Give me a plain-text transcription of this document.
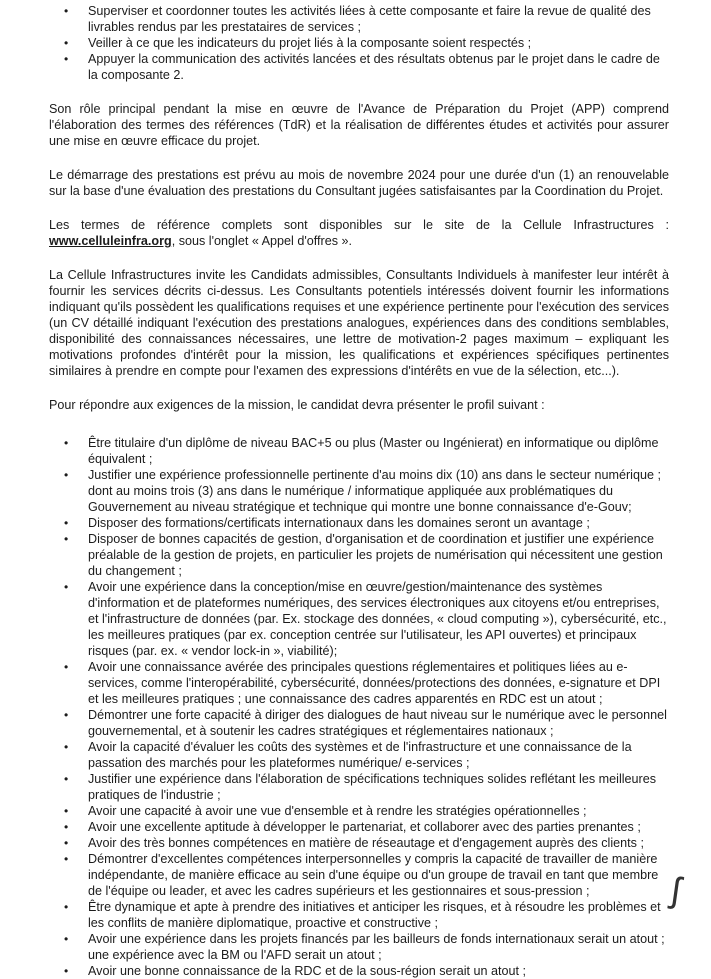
• Superviser et coordonner toutes les activités liées à cette composante et faire la revue de qualité des livrables rendus par les prestataires de services ;
• Veiller à ce que les indicateurs du projet liés à la composante soient respectés ;
• Appuyer la communication des activités lancées et des résultats obtenus par le projet dans le cadre de la composante 2.

Son rôle principal pendant la mise en œuvre de l'Avance de Préparation du Projet (APP) comprend l'élaboration des termes des références (TdR) et la réalisation de différentes études et activités pour assurer une mise en œuvre efficace du projet.

Le démarrage des prestations est prévu au mois de novembre 2024 pour une durée d'un (1) an renouvelable sur la base d'une évaluation des prestations du Consultant jugées satisfaisantes par la Coordination du Projet.

Les termes de référence complets sont disponibles sur le site de la Cellule Infrastructures : www.celluleinfra.org, sous l'onglet « Appel d'offres ».

La Cellule Infrastructures invite les Candidats admissibles, Consultants Individuels à manifester leur intérêt à fournir les services décrits ci-dessus. Les Consultants potentiels intéressés doivent fournir les informations indiquant qu'ils possèdent les qualifications requises et une expérience pertinente pour l'exécution des services (un CV détaillé indiquant l'exécution des prestations analogues, expériences dans des conditions semblables, disponibilité des connaissances nécessaires, une lettre de motivation-2 pages maximum – expliquant les motivations profondes d'intérêt pour la mission, les qualifications et expériences spécifiques pertinentes similaires à prendre en compte pour l'examen des expressions d'intérêts en vue de la sélection, etc...).

Pour répondre aux exigences de la mission, le candidat devra présenter le profil suivant :

• Être titulaire d'un diplôme de niveau BAC+5 ou plus (Master ou Ingénierat) en informatique ou diplôme équivalent ;
• Justifier une expérience professionnelle pertinente d'au moins dix (10) ans dans le secteur numérique ; dont au moins trois (3) ans dans le numérique / informatique appliquée aux problématiques du Gouvernement au niveau stratégique et technique qui montre une bonne connaissance d'e-Gouv;
• Disposer des formations/certificats internationaux dans les domaines seront un avantage ;
• Disposer de bonnes capacités de gestion, d'organisation et de coordination et justifier une expérience préalable de la gestion de projets, en particulier les projets de numérisation qui nécessitent une gestion du changement ;
• Avoir une expérience dans la conception/mise en œuvre/gestion/maintenance des systèmes d'information et de plateformes numériques, des services électroniques aux citoyens et/ou entreprises, et l'infrastructure de données (par. Ex. stockage des données, « cloud computing »), cybersécurité, etc., les meilleures pratiques (par ex. conception centrée sur l'utilisateur, les API ouvertes) et principaux risques (par. ex. « vendor lock-in », viabilité);
• Avoir une connaissance avérée des principales questions réglementaires et politiques liées au e-services, comme l'interopérabilité, cybersécurité, données/protections des données, e-signature et DPI et les meilleures pratiques ; une connaissance des cadres apparentés en RDC est un atout ;
• Démontrer une forte capacité à diriger des dialogues de haut niveau sur le numérique avec le personnel gouvernemental, et à soutenir les cadres stratégiques et réglementaires nationaux ;
• Avoir la capacité d'évaluer les coûts des systèmes et de l'infrastructure et une connaissance de la passation des marchés pour les plateformes numérique/ e-services ;
• Justifier une expérience dans l'élaboration de spécifications techniques solides reflétant les meilleures pratiques de l'industrie ;
• Avoir une capacité à avoir une vue d'ensemble et à rendre les stratégies opérationnelles ;
• Avoir une excellente aptitude à développer le partenariat, et collaborer avec des parties prenantes ;
• Avoir des très bonnes compétences en matière de réseautage et d'engagement auprès des clients ;
• Démontrer d'excellentes compétences interpersonnelles y compris la capacité de travailler de manière indépendante, de manière efficace au sein d'une équipe ou d'un groupe de travail en tant que membre de l'équipe ou leader, et avec les cadres supérieurs et les gestionnaires et sous-pression ;
• Être dynamique et apte à prendre des initiatives et anticiper les risques, et à résoudre les problèmes et les conflits de manière diplomatique, proactive et constructive ;
• Avoir une expérience dans les projets financés par les bailleurs de fonds internationaux serait un atout ; une expérience avec la BM ou l'AFD serait un atout ;
• Avoir une bonne connaissance de la RDC et de la sous-région serait un atout ;
ʃ
